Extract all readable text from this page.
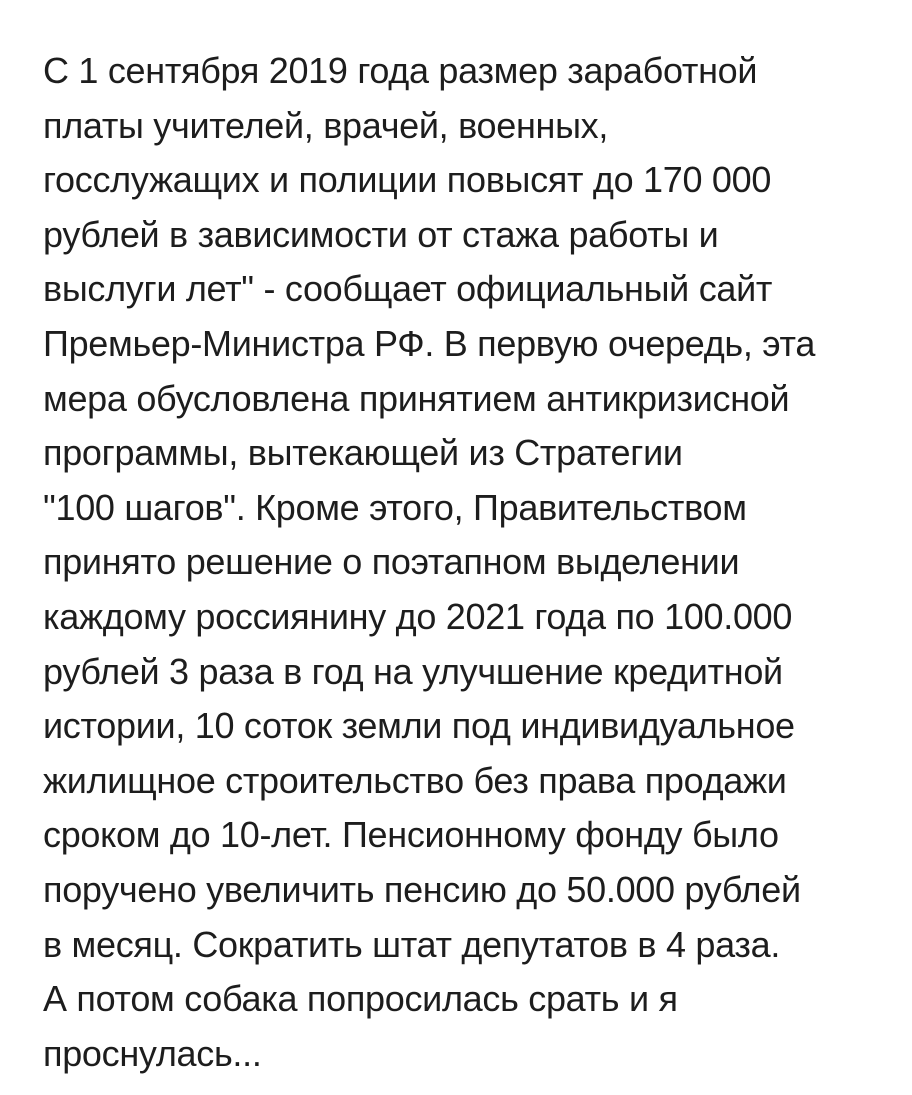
С 1 сентября 2019 года размер заработной
платы учителей, врачей, военных,
госслужащих и полиции повысят до 170 000
рублей в зависимости от стажа работы и
выслуги лет" - сообщает официальный сайт
Премьер-Министра РФ. В первую очередь, эта
мера обусловлена принятием антикризисной
программы, вытекающей из Стратегии
"100 шагов". Кроме этого, Правительством
принято решение о поэтапном выделении
каждому россиянину до 2021 года по 100.000
рублей 3 раза в год на улучшение кредитной
истории, 10 соток земли под индивидуальное
жилищное строительство без права продажи
сроком до 10-лет. Пенсионному фонду было
поручено увеличить пенсию до 50.000 рублей
в месяц. Сократить штат депутатов в 4 раза.
А потом собака попросилась срать и я
проснулась...
